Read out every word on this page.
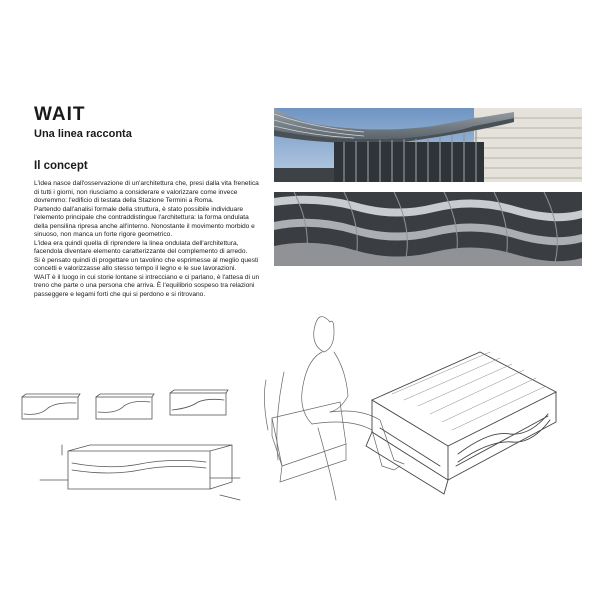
WAIT
Una linea racconta
Il concept

L'idea nasce dall'osservazione di un'architettura che, presi dalla vita frenetica di tutti i giorni, non riusciamo a considerare e valorizzare come invece dovremmo: l'edificio di testata della Stazione Termini a Roma.

Partendo dall'analisi formale della struttura, è stato possibile individuare l'elemento principale che contraddistingue l'architettura: la forma ondulata della pensilina ripresa anche all'interno. Nonostante il movimento morbido e sinuoso, non manca un forte rigore geometrico.

L'idea era quindi quella di riprendere la linea ondulata dell'architettura, facendola diventare elemento caratterizzante del complemento di arredo.

Si è pensato quindi di progettare un tavolino che esprimesse al meglio questi concetti e valorizzasse allo stesso tempo il legno e le sue lavorazioni.

WAIT è il luogo in cui storie lontane si intrecciano e ci parlano, è l'attesa di un treno che parte o una persona che arriva. È l'equilibrio sospeso tra relazioni passeggere e legami forti che qui si perdono e si ritrovano.
